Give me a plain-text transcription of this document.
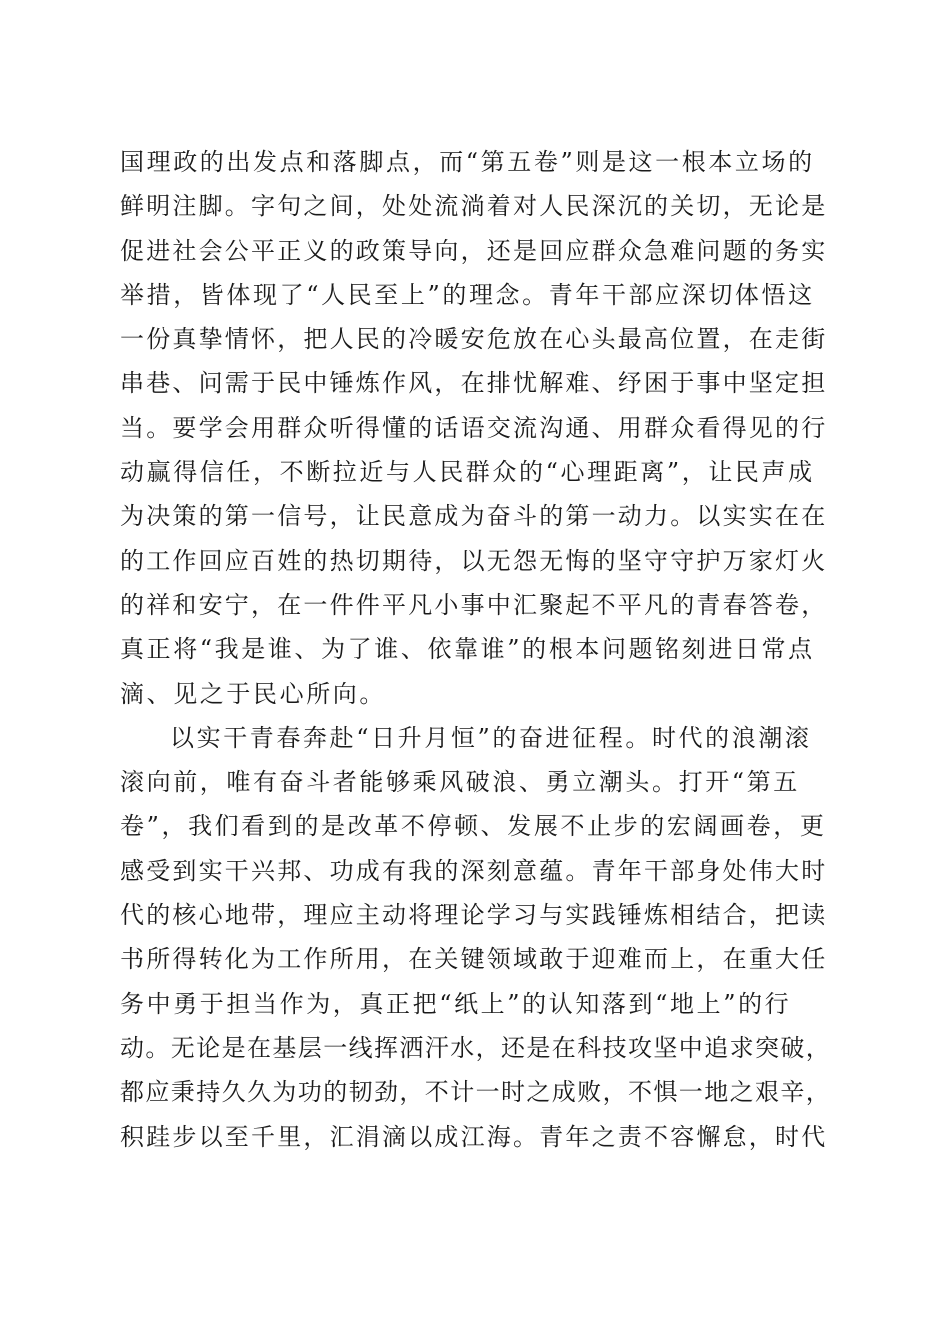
国理政的出发点和落脚点，而“第五卷”则是这一根本立场的
鲜明注脚。字句之间，处处流淌着对人民深沉的关切，无论是
促进社会公平正义的政策导向，还是回应群众急难问题的务实
举措，皆体现了“人民至上”的理念。青年干部应深切体悟这
一份真挚情怀，把人民的冷暖安危放在心头最高位置，在走街
串巷、问需于民中锤炼作风，在排忧解难、纾困于事中坚定担
当。要学会用群众听得懂的话语交流沟通、用群众看得见的行
动赢得信任，不断拉近与人民群众的“心理距离”，让民声成
为决策的第一信号，让民意成为奋斗的第一动力。以实实在在
的工作回应百姓的热切期待，以无怨无悔的坚守守护万家灯火
的祥和安宁，在一件件平凡小事中汇聚起不平凡的青春答卷，
真正将“我是谁、为了谁、依靠谁”的根本问题铭刻进日常点
滴、见之于民心所向。
以实干青春奔赴“日升月恒”的奋进征程。时代的浪潮滚
滚向前，唯有奋斗者能够乘风破浪、勇立潮头。打开“第五
卷”，我们看到的是改革不停顿、发展不止步的宏阔画卷，更
感受到实干兴邦、功成有我的深刻意蕴。青年干部身处伟大时
代的核心地带，理应主动将理论学习与实践锤炼相结合，把读
书所得转化为工作所用，在关键领域敢于迎难而上，在重大任
务中勇于担当作为，真正把“纸上”的认知落到“地上”的行
动。无论是在基层一线挥洒汗水，还是在科技攻坚中追求突破，
都应秉持久久为功的韧劲，不计一时之成败，不惧一地之艰辛，
积跬步以至千里，汇涓滴以成江海。青年之责不容懈怠，时代
